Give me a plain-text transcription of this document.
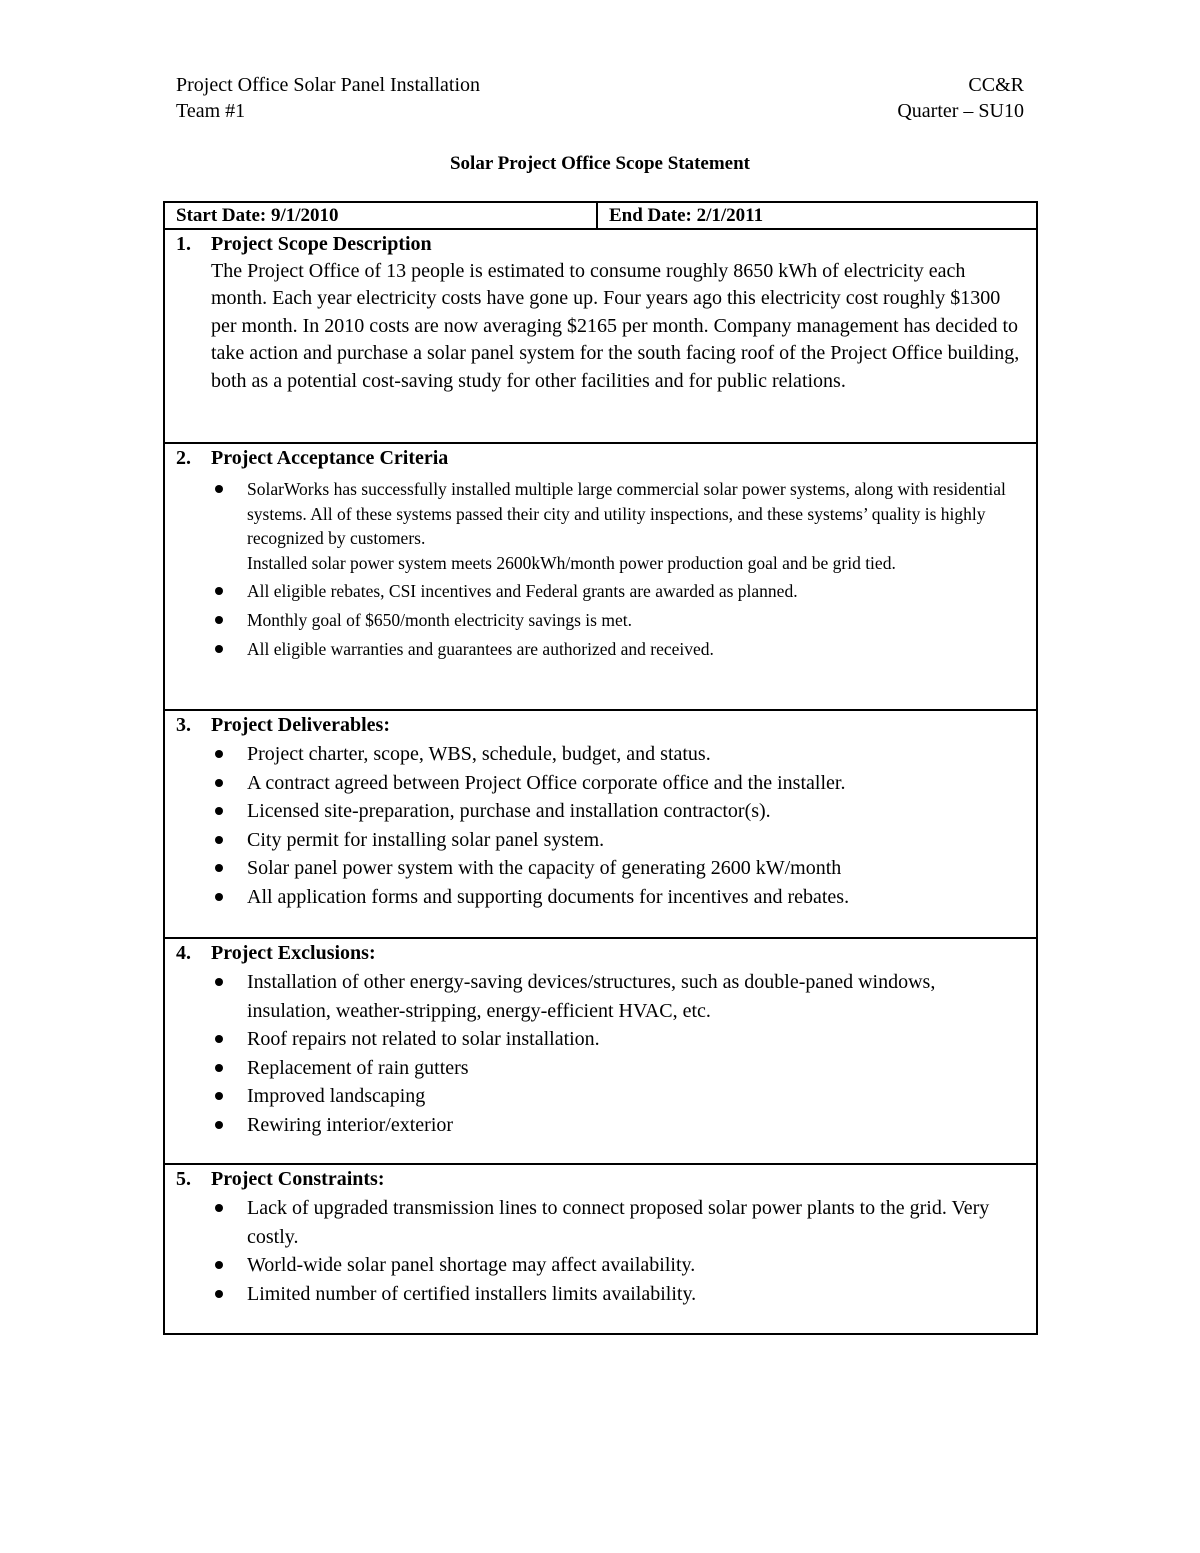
Project Office Solar Panel Installation
Team #1
CC&R
Quarter – SU10
Solar Project Office Scope Statement
Start Date: 9/1/2010	End Date: 2/1/2011
1. Project Scope Description
The Project Office of 13 people is estimated to consume roughly 8650 kWh of electricity each month. Each year electricity costs have gone up. Four years ago this electricity cost roughly $1300 per month. In 2010 costs are now averaging $2165 per month. Company management has decided to take action and purchase a solar panel system for the south facing roof of the Project Office building, both as a potential cost-saving study for other facilities and for public relations.
2. Project Acceptance Criteria
SolarWorks has successfully installed multiple large commercial solar power systems, along with residential systems. All of these systems passed their city and utility inspections, and these systems’ quality is highly recognized by customers.
Installed solar power system meets 2600kWh/month power production goal and be grid tied.
All eligible rebates, CSI incentives and Federal grants are awarded as planned.
Monthly goal of $650/month electricity savings is met.
All eligible warranties and guarantees are authorized and received.
3. Project Deliverables:
Project charter, scope, WBS, schedule, budget, and status.
A contract agreed between Project Office corporate office and the installer.
Licensed site-preparation, purchase and installation contractor(s).
City permit for installing solar panel system.
Solar panel power system with the capacity of generating 2600 kW/month
All application forms and supporting documents for incentives and rebates.
4. Project Exclusions:
Installation of other energy-saving devices/structures, such as double-paned windows, insulation, weather-stripping, energy-efficient HVAC, etc.
Roof repairs not related to solar installation.
Replacement of rain gutters
Improved landscaping
Rewiring interior/exterior
5. Project Constraints:
Lack of upgraded transmission lines to connect proposed solar power plants to the grid. Very costly.
World-wide solar panel shortage may affect availability.
Limited number of certified installers limits availability.
